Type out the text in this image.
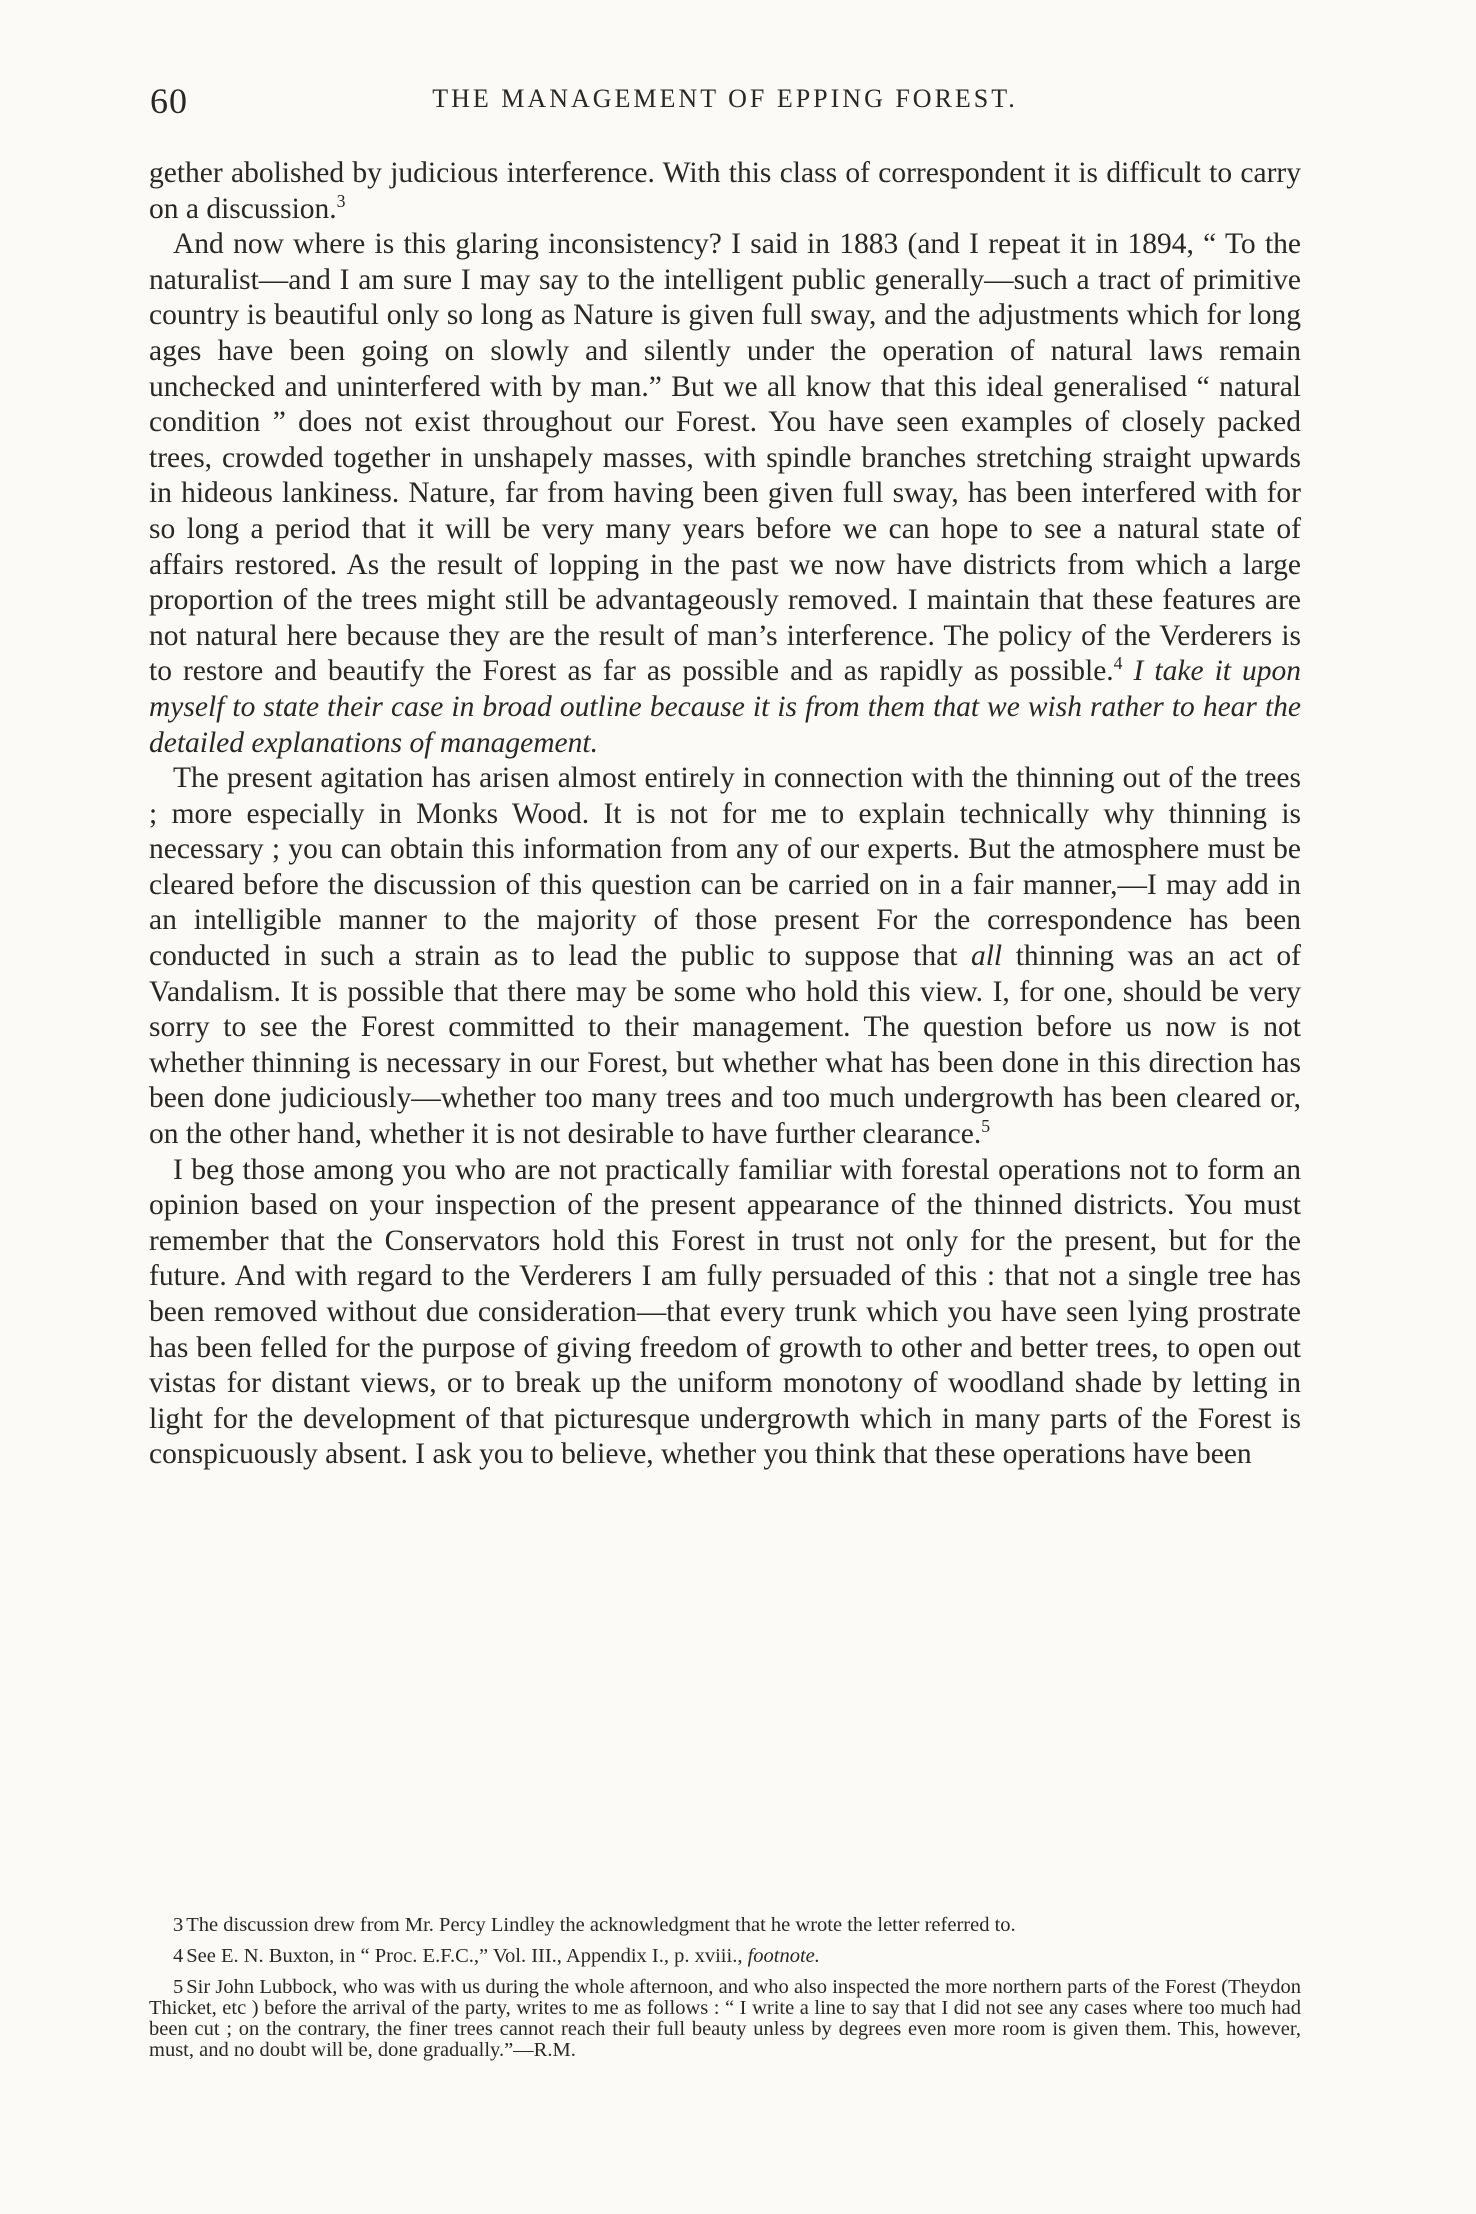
60	THE MANAGEMENT OF EPPING FOREST.

gether abolished by judicious interference. With this class of correspondent it is difficult to carry on a discussion.$^3$

And now where is this glaring inconsistency? I said in 1883 (and I repeat it in 1894, “ To the naturalist—and I am sure I may say to the intelligent public generally—such a tract of primitive country is beautiful only so long as Nature is given full sway, and the adjustments which for long ages have been going on slowly and silently under the operation of natural laws remain unchecked and uninterfered with by man.” But we all know that this ideal generalised “ natural condition ” does not exist throughout our Forest. You have seen examples of closely packed trees, crowded together in unshapely masses, with spindle branches stretching straight upwards in hideous lankiness. Nature, far from having been given full sway, has been interfered with for so long a period that it will be very many years before we can hope to see a natural state of affairs restored. As the result of lopping in the past we now have districts from which a large proportion of the trees might still be advantageously removed. I maintain that these features are not natural here because they are the result of man’s interference. The policy of the Verderers is to restore and beautify the Forest as far as possible and as rapidly as possible.$^4$ I take it upon myself to state their case in broad outline because it is from them that we wish rather to hear the detailed explanations of management.

The present agitation has arisen almost entirely in connection with the thinning out of the trees ; more especially in Monks Wood. It is not for me to explain technically why thinning is necessary ; you can obtain this information from any of our experts. But the atmosphere must be cleared before the discussion of this question can be carried on in a fair manner,—I may add in an intelligible manner to the majority of those present For the correspondence has been conducted in such a strain as to lead the public to suppose that all thinning was an act of Vandalism. It is possible that there may be some who hold this view. I, for one, should be very sorry to see the Forest committed to their management. The question before us now is not whether thinning is necessary in our Forest, but whether what has been done in this direction has been done judiciously—whether too many trees and too much undergrowth has been cleared or, on the other hand, whether it is not desirable to have further clearance.$^5$

I beg those among you who are not practically familiar with forestal operations not to form an opinion based on your inspection of the present appearance of the thinned districts. You must remember that the Conservators hold this Forest in trust not only for the present, but for the future. And with regard to the Verderers I am fully persuaded of this : that not a single tree has been removed without due consideration—that every trunk which you have seen lying prostrate has been felled for the purpose of giving freedom of growth to other and better trees, to open out vistas for distant views, or to break up the uniform monotony of woodland shade by letting in light for the development of that picturesque undergrowth which in many parts of the Forest is conspicuously absent. I ask you to believe, whether you think that these operations have been

3 The discussion drew from Mr. Percy Lindley the acknowledgment that he wrote the letter referred to.

4 See E. N. Buxton, in “ Proc. E.F.C.,” Vol. III., Appendix I., p. xviii., footnote.

5 Sir John Lubbock, who was with us during the whole afternoon, and who also inspected the more northern parts of the Forest (Theydon Thicket, etc ) before the arrival of the party, writes to me as follows : “ I write a line to say that I did not see any cases where too much had been cut ; on the contrary, the finer trees cannot reach their full beauty unless by degrees even more room is given them. This, however, must, and no doubt will be, done gradually.”—R.M.
